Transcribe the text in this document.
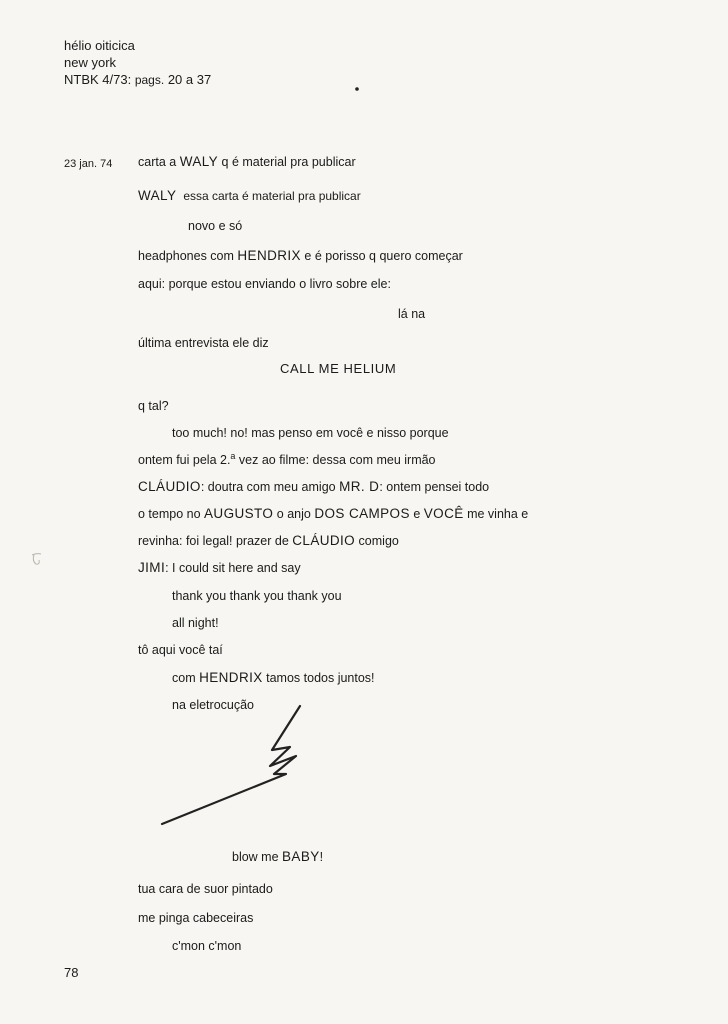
hélio oiticica
new york
NTBK 4/73: pags. 20 a 37
23 jan. 74 carta a WALY q é material pra publicar
WALY essa carta é material pra publicar
novo e só
headphones com HENDRIX e é porisso q quero começar
aqui: porque estou enviando o livro sobre ele:
lá na
última entrevista ele diz
CALL ME HELIUM
q tal?
too much! no! mas penso em você e nisso porque
ontem fui pela 2.$^a$ vez ao filme: dessa com meu irmão
CLÁUDIO: doutra com meu amigo MR. D: ontem pensei todo
o tempo no AUGUSTO o anjo DOS CAMPOS e VOCÊ me vinha e
revinha: foi legal! prazer de CLÁUDIO comigo
JIMI: I could sit here and say
thank you thank you thank you
all night!
tô aqui você taí
com HENDRIX tamos todos juntos!
na eletrocução
blow me BABY!
tua cara de suor pintado
me pinga cabeceiras
c'mon c'mon
78
